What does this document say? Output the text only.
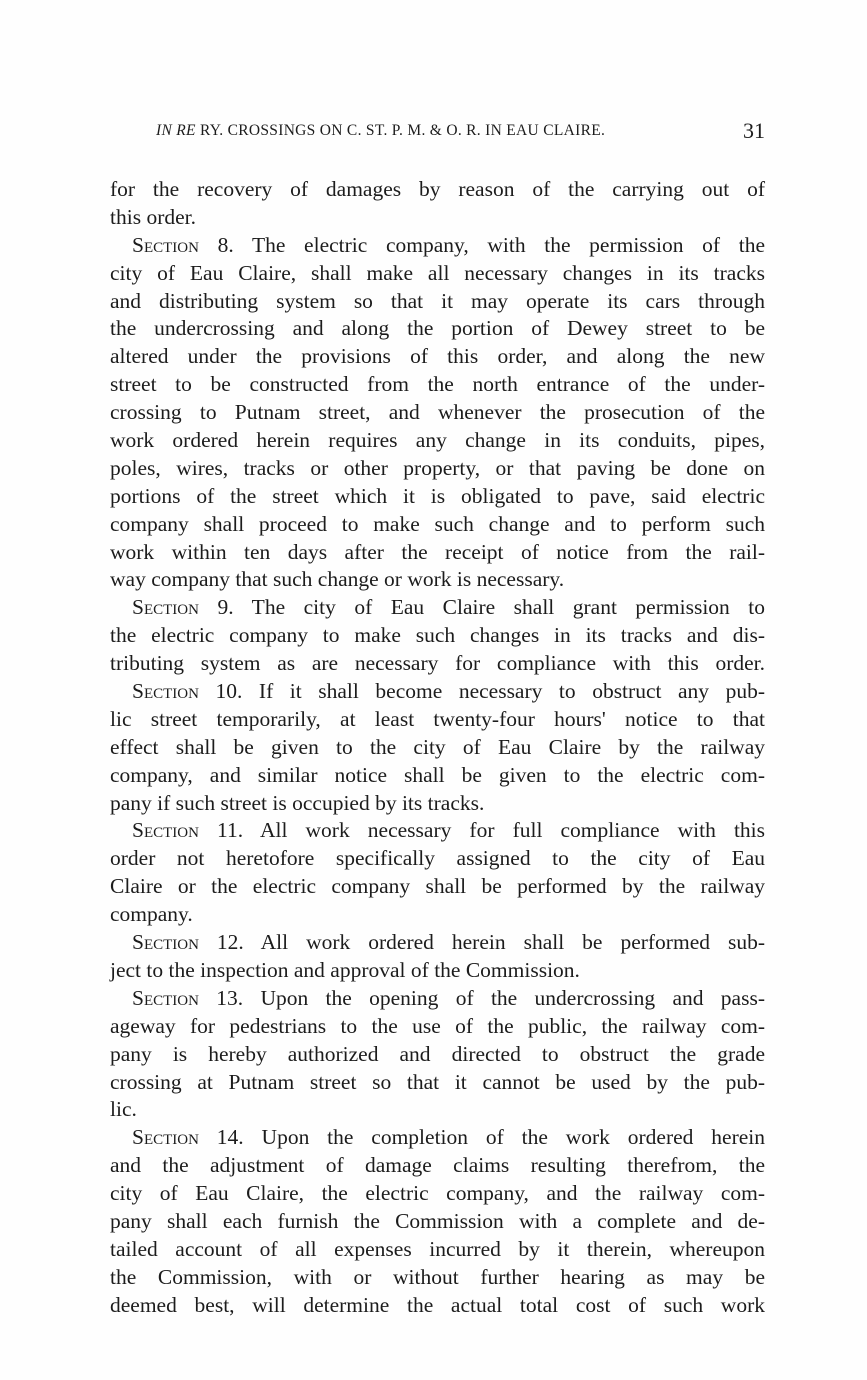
IN RE RY. CROSSINGS ON C. ST. P. M. & O. R. IN EAU CLAIRE.	31
for the recovery of damages by reason of the carrying out of
this order.
Section 8. The electric company, with the permission of the
city of Eau Claire, shall make all necessary changes in its tracks
and distributing system so that it may operate its cars through
the undercrossing and along the portion of Dewey street to be
altered under the provisions of this order, and along the new
street to be constructed from the north entrance of the under-
crossing to Putnam street, and whenever the prosecution of the
work ordered herein requires any change in its conduits, pipes,
poles, wires, tracks or other property, or that paving be done on
portions of the street which it is obligated to pave, said electric
company shall proceed to make such change and to perform such
work within ten days after the receipt of notice from the rail-
way company that such change or work is necessary.
Section 9. The city of Eau Claire shall grant permission to
the electric company to make such changes in its tracks and dis-
tributing system as are necessary for compliance with this order.
Section 10. If it shall become necessary to obstruct any pub-
lic street temporarily, at least twenty-four hours' notice to that
effect shall be given to the city of Eau Claire by the railway
company, and similar notice shall be given to the electric com-
pany if such street is occupied by its tracks.
Section 11. All work necessary for full compliance with this
order not heretofore specifically assigned to the city of Eau
Claire or the electric company shall be performed by the railway
company.
Section 12. All work ordered herein shall be performed sub-
ject to the inspection and approval of the Commission.
Section 13. Upon the opening of the undercrossing and pass-
ageway for pedestrians to the use of the public, the railway com-
pany is hereby authorized and directed to obstruct the grade
crossing at Putnam street so that it cannot be used by the pub-
lic.
Section 14. Upon the completion of the work ordered herein
and the adjustment of damage claims resulting therefrom, the
city of Eau Claire, the electric company, and the railway com-
pany shall each furnish the Commission with a complete and de-
tailed account of all expenses incurred by it therein, whereupon
the Commission, with or without further hearing as may be
deemed best, will determine the actual total cost of such work
